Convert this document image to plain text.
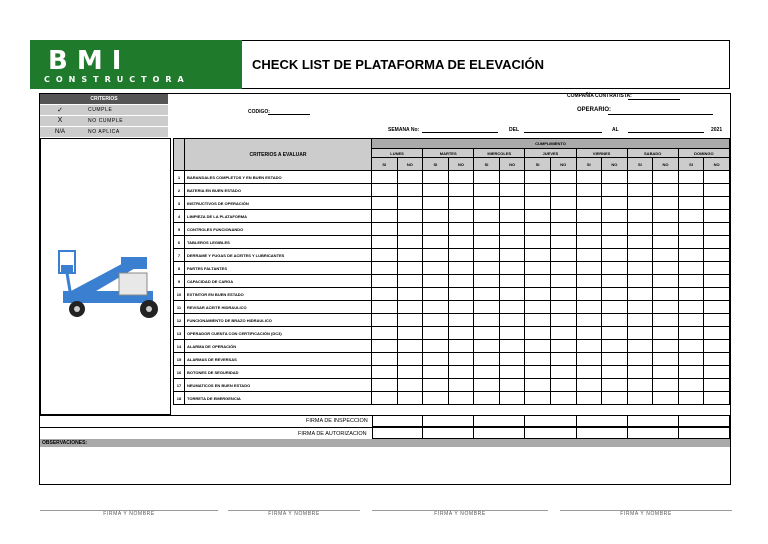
BMI
CONSTRUCTORA
CHECK LIST DE PLATAFORMA DE ELEVACIÓN
CRITERIOS
✓	CUMPLE
X	NO CUMPLE
N/A	NO APLICA
COMPAÑÍA CONTRATISTA:
CODIGO:	OPERARIO:
SEMANA No:	DEL	AL	2021
	CRITERIOS A EVALUAR	CUMPLIMIENTO													
		LUNES		MARTES		MIERCOLES		JUEVES		VIERNES		SABADO		DOMINGO	
		SI	NO	SI	NO	SI	NO	SI	NO	SI	NO	SI	NO	SI	NO
1	BARANDALES COMPLETOS Y EN BUEN ESTADO														
2	BATERIA EN BUEN ESTADO														
3	INSTRUCTIVOS DE OPERACIÓN														
4	LIMPIEZA DE LA PLATAFORMA														
5	CONTROLES FUNCIONANDO														
6	TABLEROS LEGIBLES														
7	DERRAME Y FUGAS DE ACEITES Y LUBRICANTES														
8	PARTES FALTANTES														
9	CAPACIDAD DE CARGA														
10	EXTINTOR EN BUEN ESTADO														
11	REVISAR ACEITE HIDRAULICO														
12	FUNCIONAMIENTO DE BRAZO HIDRAULICO														
13	OPERADOR CUENTA CON CERTIFICACIÓN (DC3)														
14	ALARMA DE OPERACIÓN														
15	ALARMAS DE REVERSAS														
16	BOTONES DE SEGURIDAD														
17	NEUMATICOS EN BUEN ESTADO														
18	TORRETA DE EMERGENCIA														
FIRMA DE INSPECCION
FIRMA DE AUTORIZACION
OBSERVACIONES:
FIRMA Y NOMBRE	FIRMA Y NOMBRE	FIRMA Y NOMBRE	FIRMA Y NOMBRE
